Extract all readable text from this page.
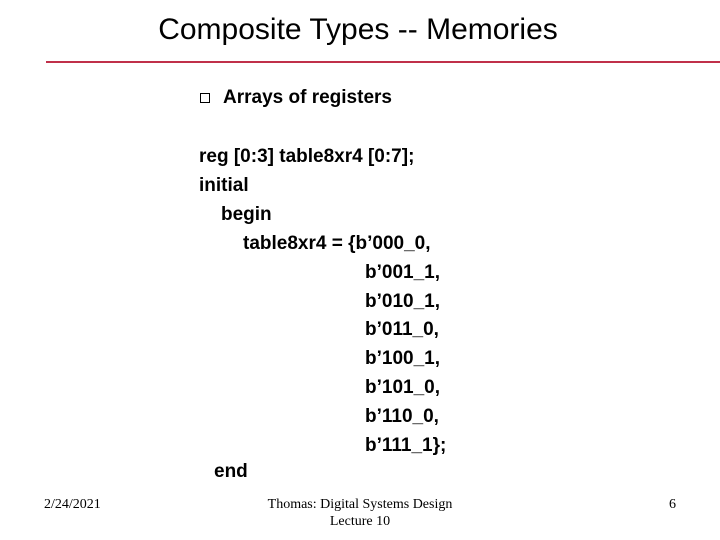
Composite Types -- Memories
Arrays of registers
reg [0:3] table8xr4 [0:7];
initial
begin
table8xr4 = {b’000_0,
b’001_1,
b’010_1,
b’011_0,
b’100_1,
b’101_0,
b’110_0,
b’111_1};
end
2/24/2021	Thomas: Digital Systems Design
Lecture 10
6
